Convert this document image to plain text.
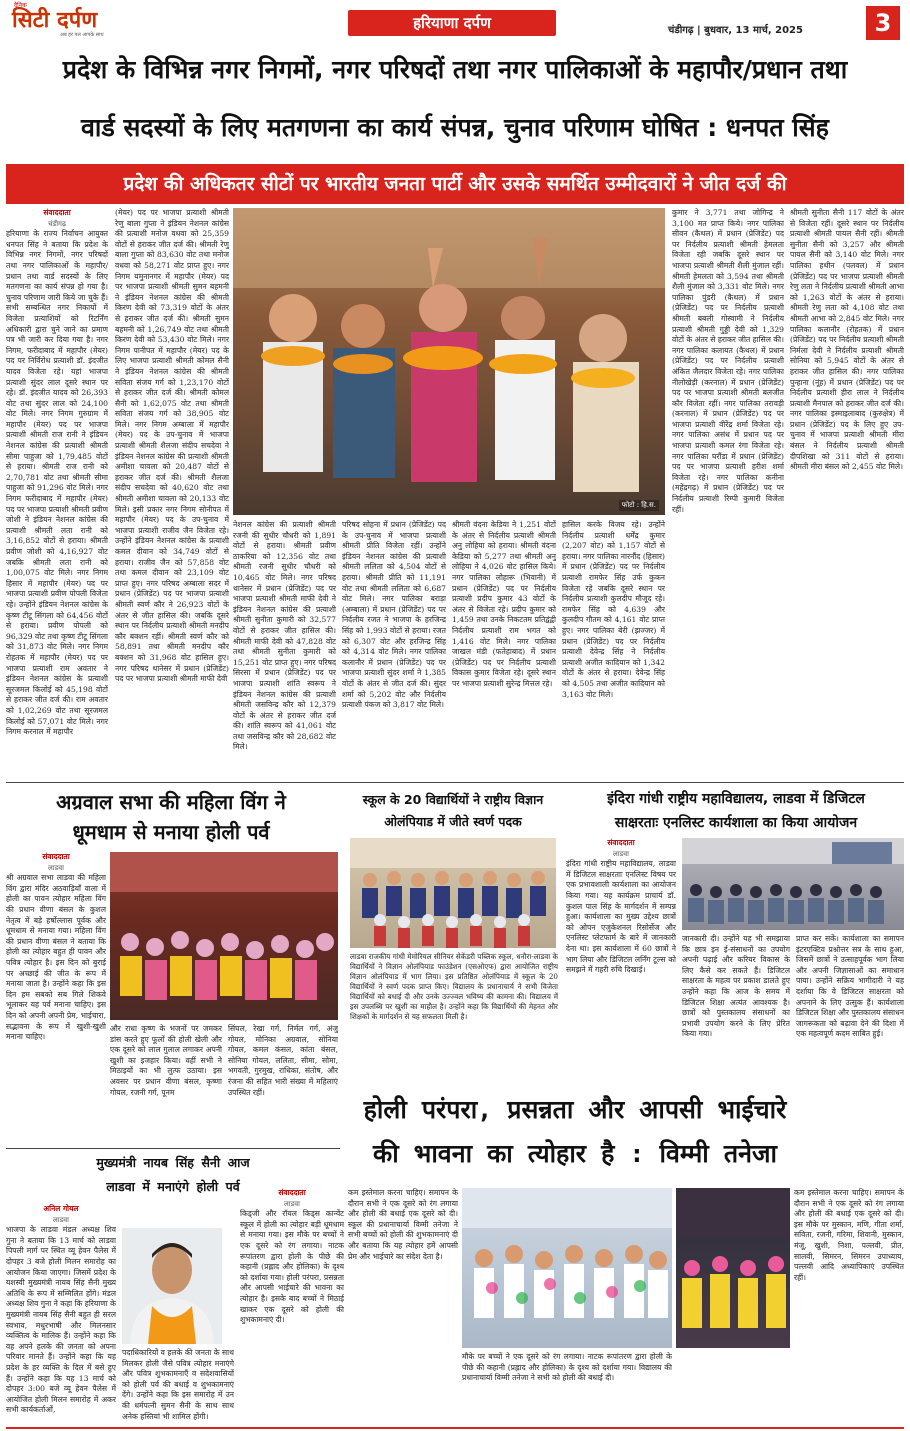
दैनिक
सिटी दर्पण
अब हर पल आपके साथ
हरियाणा दर्पण	चंडीगढ़ | बुधवार, 13 मार्च, 2025	3
प्रदेश के विभिन्न नगर निगमों, नगर परिषदों तथा नगर पालिकाओं के महापौर/प्रधान तथा
वार्ड सदस्यों के लिए मतगणना का कार्य संपन्न, चुनाव परिणाम घोषित : धनपत सिंह
प्रदेश की अधिकतर सीटों पर भारतीय जनता पार्टी और उसके समर्थित उम्मीदवारों ने जीत दर्ज की
संवाददाता
चंडीगढ़

हरियाणा के राज्य निर्वाचन आयुक्त धनपत सिंह ने बताया कि प्रदेश के विभिन्न नगर निगमों, नगर परिषदों तथा नगर पालिकाओं के महापौर/प्रधान तथा वार्ड सदस्यों के लिए मतगणना का कार्य संपन्न हो गया है। चुनाव परिणाम जारी किये जा चुके हैं। सभी सम्बन्धित नगर निकायों में विजेता प्रत्याशियों को रिटर्निंग अधिकारी द्वारा चुने जाने का प्रमाण पत्र भी जारी कर दिया गया है। नगर निगम, फरीदाबाद में महापौर (मेयर) पद पर निर्विरोध प्रत्याशी डॉ. इंदजीत यादव विजेता रहे। यहां भाजपा प्रत्याशी सुंदर लाल दूसरे स्थान पर रहे। डॉ. इंदजीत यादव को 26,393 वोट तथा सुंदर लाल को 24,100 वोट मिले। नगर निगम गुरुग्राम में महापौर (मेयर) पद पर भाजपा प्रत्याशी श्रीमती राज रानी ने इंडियन नेशनल कांग्रेस की प्रत्याशी श्रीमती सीमा पाहुजा को 1,79,485 वोटों से हराया। श्रीमती राज रानी को 2,70,781 वोट तथा श्रीमती सीमा पाहुजा को 91,296 वोट मिले। नगर निगम फरीदाबाद में महापौर (मेयर) पद पर भाजपा प्रत्याशी श्रीमती प्रवीण जोशी ने इंडियन नेशनल कांग्रेस की प्रत्याशी श्रीमती लता रानी को 3,16,852 वोटों से हराया। श्रीमती प्रवीण जोशी को 4,16,927 वोट जबकि श्रीमती लता रानी को 1,00,075 वोट मिले। नगर निगम हिसार में महापौर (मेयर) पद पर भाजपा प्रत्याशी प्रवीण पोपली विजेता रहे। उन्होंने इंडियन नेशनल कांग्रेस के कृष्ण टीटू सिंगला को 64,456 वोटों से हराया। प्रवीण पोपली को 96,329 वोट तथा कृष्ण टीटू सिंगला को 31,873 वोट मिले। नगर निगम रोहतक में महापौर (मेयर) पद पर भाजपा प्रत्याशी राम अवतार ने इंडियन नेशनल कांग्रेस के प्रत्याशी सूरजमल किलोई को 45,198 वोटों से हराकर जीत दर्ज की। राम अवतार को 1,02,269 वोट तथा सूरजमल किलोई को 57,071 वोट मिले। नगर निगम करनाल में महापौर

(मेयर) पद पर भाजपा प्रत्याशी श्रीमती रेणु बाला गुप्ता ने इंडियन नेशनल कांग्रेस की प्रत्याशी मनोज वधवा को 25,359 वोटों से हराकर जीत दर्ज की। श्रीमती रेणु बाला गुप्ता को 83,630 वोट तथा मनोज वधवा को 58,271 वोट प्राप्त हुए। नगर निगम यमुनानगर में महापौर (मेयर) पद पर भाजपा प्रत्याशी श्रीमती सुमन बहमनी ने इंडियन नेशनल कांग्रेस की श्रीमती किरण देवी को 73,319 वोटों के अंतर से हराकर जीत दर्ज की। श्रीमती सुमन बहमनी को 1,26,749 वोट तथा श्रीमती किरण देवी को 53,430 वोट मिले। नगर निगम पानीपत में महापौर (मेयर) पद के लिए भाजपा प्रत्याशी श्रीमती कोमल सैनी ने इंडियन नेशनल कांग्रेस की श्रीमती सविता संजय गर्ग को 1,23,170 वोटों से हराकर जीत दर्ज की। श्रीमती कोमल सैनी को 1,62,075 वोट तथा श्रीमती सविता संजय गर्ग को 38,905 वोट मिले। नगर निगम अम्बाला में महापौर (मेयर) पद के उप-चुनाव में भाजपा प्रत्याशी श्रीमती शैलजा संदीप सचदेवा ने इंडियन नेशनल कांग्रेस की प्रत्याशी श्रीमती अमीशा चावला को 20,487 वोटों से हराकर जीत दर्ज की। श्रीमती शैलजा संदीप सचदेवा को 40,620 वोट तथा श्रीमती अमीशा चावला को 20,133 वोट मिले। इसी प्रकार नगर निगम सोनीपत में महापौर (मेयर) पद के उप-चुनाव में भाजपा प्रत्याशी राजीव जैन विजेता रहे। उन्होंने इंडियन नेशनल कांग्रेस के प्रत्याशी कमल दीवान को 34,749 वोटों से हराया। राजीव जैन को 57,858 वोट तथा कमल दीवान को 23,109 वोट प्राप्त हुए। नगर परिषद अम्बाला सदर में प्रधान (प्रेजिडेंट) पद पर भाजपा प्रत्याशी श्रीमती स्वर्ण कौर ने 26,923 वोटों के अंतर से जीत हासिल की। जबकि दूसरे स्थान पर निर्दलीय प्रत्याशी श्रीमती मनदीप कौर बक्शन रहीं। श्रीमती स्वर्ण कौर को 58,891 तथा श्रीमती मनदीप कौर बक्शन को 31,968 वोट हासिल हुए। नगर परिषद थानेसर में प्रधान (प्रेजिडेंट) पद पर भाजपा प्रत्याशी श्रीमती माफी देवी

फोटो : हि.स.

नेशनल कांग्रेस की प्रत्याशी श्रीमती रजनी की सुधीर चौधरी को 1,891 वोटों से हराया। श्रीमती प्रवीण ठाकरिया को 12,356 वोट तथा श्रीमती रजनी सुधीर चौधरी को 10,465 वोट मिले। नगर परिषद थानेसर में प्रधान (प्रेजिडेंट) पद पर भाजपा प्रत्याशी श्रीमती माफी देवी ने इंडियन नेशनल कांग्रेस की प्रत्याशी श्रीमती सुनीता कुमारी को 32,577 वोटों से हराकर जीत हासिल की। श्रीमती माफी देवी को 47,828 वोट तथा श्रीमती सुनीता कुमारी को 15,251 वोट प्राप्त हुए। नगर परिषद सिरसा में प्रधान (प्रेजिडेंट) पद पर भाजपा प्रत्याशी शांति स्वरूप ने इंडियन नेशनल कांग्रेस की प्रत्याशी श्रीमती जसविन्द्र कौर को 12,379 वोटों के अंतर से हराकर जीत दर्ज की। शांति स्वरूप को 41,061 वोट तथा जसविन्द्र कौर को 28,682 वोट मिले।

परिषद सोहना में प्रधान (प्रेजिडेंट) पद के उप-चुनाव में भाजपा प्रत्याशी श्रीमती प्रीति विजेता रहीं। उन्होंने इंडियन नेशनल कांग्रेस की प्रत्याशी श्रीमती ललिता को 4,504 वोटों से हराया। श्रीमती प्रीति को 11,191 वोट तथा श्रीमती ललिता को 6,687 वोट मिले। नगर पालिका बराड़ा (अम्बाला) में प्रधान (प्रेजिडेंट) पद पर निर्दलीय रजत ने भाजपा के हरजिन्द्र सिंह को 1,993 वोटों से हराया। रजत को 6,307 वोट और हरजिन्द्र सिंह को 4,314 वोट मिले। नगर पालिका कलानौर में प्रधान (प्रेजिडेंट) पद पर भाजपा प्रत्याशी सुंदर शर्मा ने 1,385 वोटों के अंतर से जीत दर्ज की। सुंदर शर्मा को 5,202 वोट और निर्दलीय प्रत्याशी पंकज को 3,817 वोट मिले।

श्रीमती वंदना केडिया ने 1,251 वोटों के अंतर से निर्दलीय प्रत्याशी श्रीमती अनु लोहिया को हराया। श्रीमती वंदना केडिया को 5,277 तथा श्रीमती अनु लोहिया ने 4,026 वोट हासिल किये। नगर पालिका लोहारू (भिवानी) में प्रधान (प्रेजिडेंट) पद पर निर्दलीय प्रत्याशी प्रदीप कुमार 43 वोटों के अंतर से विजेता रहे। प्रदीप कुमार को 1,459 तथा उनके निकटतम प्रतिद्वंद्वी निर्दलीय प्रत्याशी राम भगत को 1,416 वोट मिले। नगर पालिका जाखल मंडी (फतेहाबाद) में प्रधान (प्रेजिडेंट) पद पर निर्दलीय प्रत्याशी विकास कुमार विजेता रहे। दूसरे स्थान पर भाजपा प्रत्याशी सुरेन्द्र मित्तल रहे।

हासिल करके विजय रहे। उन्होंने निर्दलीय प्रत्याशी धर्मेंद्र कुमार (2,207 वोट) को 1,157 वोटों से हराया। नगर पालिका नारनौंद (हिसार) में प्रधान (प्रेजिडेंट) पद पर निर्दलीय प्रत्याशी रामफेर सिंह उर्फ कुकन विजेता रहे जबकि दूसरे स्थान पर निर्दलीय प्रत्याशी कुलदीप मौजूद रहे। रामफेर सिंह को 4,639 और कुलदीप गौतम को 4,161 वोट प्राप्त हुए। नगर पालिका बेरी (झज्जर) में प्रधान (प्रेजिडेंट) पद पर निर्दलीय प्रत्याशी देवेन्द्र सिंह ने निर्दलीय प्रत्याशी अजीत कादियान को 1,342 वोटों के अंतर से हराया। देवेन्द्र सिंह को 4,505 तथा अजीत कादियान को 3,163 वोट मिले।

कुमार ने 3,771 तथा जोगिन्द्र ने 3,100 मत प्राप्त किये। नगर पालिका सीवन (कैथल) में प्रधान (प्रेजिडेंट) पद पर निर्दलीय प्रत्याशी श्रीमती हेमलता विजेता रही जबकि दूसरे स्थान पर भाजपा प्रत्याशी श्रीमती शैली मुंजाल रहीं। श्रीमती हेमलता को 3,594 तथा श्रीमती शैली मुंजाल को 3,331 वोट मिले। नगर पालिका पुंडरी (कैथल) में प्रधान (प्रेजिडेंट) पद पर निर्दलीय प्रत्याशी श्रीमती बबली गोस्वामी ने निर्दलीय प्रत्याशी श्रीमती गुड्डी देवी को 1,329 वोटों के अंतर से हराकर जीत हासिल की। नगर पालिका कलायत (कैथल) में प्रधान (प्रेजिडेंट) पद पर निर्दलीय प्रत्याशी अंकित जैलदार विजेता रहे। नगर पालिका नीलोखेड़ी (करनाल) में प्रधान (प्रेजिडेंट) पद पर भाजपा प्रत्याशी श्रीमती बलजीत कौर विजेता रहीं। नगर पालिका तरावड़ी (करनाल) में प्रधान (प्रेजिडेंट) पद पर भाजपा प्रत्याशी वीरेंद्र शर्मा विजेता रहे। नगर पालिका असंध में प्रधान पद पर भाजपा प्रत्याशी कमल रंगा विजेता रहे। नगर पालिका घरौंडा में प्रधान (प्रेजिडेंट) पद पर भाजपा प्रत्याशी हरीश शर्मा विजेता रहे। नगर पालिका कनीना (महेंद्रगढ़) में प्रधान (प्रेजिडेंट) पद पर निर्दलीय प्रत्याशी रिम्पी कुमारी विजेता रहीं।

श्रीमती सुनीता सैनी 117 वोटों के अंतर से विजेता रहीं। दूसरे स्थान पर निर्दलीय प्रत्याशी श्रीमती पायल सैनी रहीं। श्रीमती सुनीता सैनी को 3,257 और श्रीमती पायल सैनी को 3,140 वोट मिले। नगर पालिका हथीन (पलवल) में प्रधान (प्रेजिडेंट) पद पर भाजपा प्रत्याशी श्रीमती रेणु लता ने निर्दलीय प्रत्याशी श्रीमती आभा को 1,263 वोटों के अंतर से हराया। श्रीमती रेणु लता को 4,108 वोट तथा श्रीमती आभा को 2,845 वोट मिले। नगर पालिका कलानौर (रोहतक) में प्रधान (प्रेजिडेंट) पद पर निर्दलीय प्रत्याशी श्रीमती निर्मला देवी ने निर्दलीय प्रत्याशी श्रीमती सोनिया को 5,945 वोटों के अंतर से हराकर जीत हासिल की। नगर पालिका पुन्हाना (नूंह) में प्रधान (प्रेजिडेंट) पद पर निर्दलीय प्रत्याशी हीरा लाल ने निर्दलीय प्रत्याशी मैनपाल को हराकर जीत दर्ज की। नगर पालिका इस्माइलाबाद (कुरुक्षेत्र) में प्रधान (प्रेजिडेंट) पद के लिए हुए उप-चुनाव में भाजपा प्रत्याशी श्रीमती मीरा बंसल ने निर्दलीय प्रत्याशी श्रीमती दीपशिखा को 311 वोटों से हराया। श्रीमती मीरा बंसल को 2,455 वोट मिले।

अग्रवाल सभा की महिला विंग ने
धूमधाम से मनाया होली पर्व
संवाददाता
लाडवा

श्री अग्रवाल सभा लाडवा की महिला विंग द्वारा मंदिर अठवाड़ियाँ वाला में होली का पावन त्योहार महिला विंग की प्रधान वीणा बंसल के कुशल नेतृत्व में बड़े हर्षोल्लास पूर्वक और धूमधाम से मनाया गया। महिला विंग की प्रधान वीणा बंसल ने बताया कि होली का त्योहार बहुत ही पावन और पवित्र त्योहार है। इस दिन को बुराई पर अच्छाई की जीत के रूप में मनाया जाता है। उन्होंने कहा कि इस दिन हम सबको सब गिले शिकवे भूलाकर यह पर्व मनाना चाहिए। इस दिन को अपनी अपनी प्रेम, भाईचारा, सद्भावना के रूप में खुशी-खुशी मनाना चाहिए।

और राधा कृष्ण के भजनों पर जमकर डांस करते हुए फूलों की होली खेली और एक दूसरे को लाल गुलाल लगाकर अपनी खुशी का इजहार किया। वहीं सभी ने मिठाइयों का भी लुत्फ उठाया। इस अवसर पर प्रधान वीणा बंसल, कृष्णा गोयल, रजनी गर्ग, पूनम

सिंघल, रेखा गर्ग, निर्मल गर्ग, अंजु गोयल, मोनिका अग्रवाल, सोनिया गोयल, कमल कंसल, कांता बंसल, सोनिया गोयल, ललिता, सीमा, सोमा, भगवती, गुरमुख, राधिका, संतोष, और रंजना की सहित भारी संख्या में महिलाएं उपस्थित रहीं।

स्कूल के 20 विद्यार्थियों ने राष्ट्रीय विज्ञान
ओलंपियाड में जीते स्वर्ण पदक

लाडवा राजकीय गांधी मेमोरियल सीनियर सेकेंडरी पब्लिक स्कूल, धनौरा-लाडवा के विद्यार्थियों ने विज्ञान ओलंपियाड फाउंडेशन (एसओएफ) द्वारा आयोजित राष्ट्रीय विज्ञान ओलंपियाड में भाग लिया। इस प्रतिष्ठित ओलंपियाड में स्कूल के 20 विद्यार्थियों ने स्वर्ण पदक प्राप्त किए। विद्यालय के प्रधानाचार्य ने सभी विजेता विद्यार्थियों को बधाई दी और उनके उज्ज्वल भविष्य की कामना की। विद्यालय में इस उपलब्धि पर खुशी का माहौल है। उन्होंने कहा कि विद्यार्थियों की मेहनत और शिक्षकों के मार्गदर्शन से यह सफलता मिली है।

इंदिरा गांधी राष्ट्रीय महाविद्यालय, लाडवा में डिजिटल
साक्षरताः एनलिस्ट कार्यशाला का किया आयोजन
संवाददाता
लाडवा

इंदिरा गांधी राष्ट्रीय महाविद्यालय, लाडवा में डिजिटल साक्षरताः एनलिस्ट विषय पर एक प्रभावशाली कार्यशाला का आयोजन किया गया। यह कार्यक्रम प्राचार्य डॉ. कुशल पाल सिंह के मार्गदर्शन में सम्पन्न हुआ। कार्यशाला का मुख्य उद्देश्य छात्रों को ओपन एजुकेशनल रिसोर्सेज और एनलिस्ट प्लेटफार्म के बारे में जानकारी देना था। इस कार्यशाला में 60 छात्रों ने भाग लिया और डिजिटल लर्निंग टूल्स को समझने में गहरी रुचि दिखाई।

जानकारी दी। उन्होंने यह भी समझाया कि छात्र इन ई-संसाधनों का उपयोग अपनी पढ़ाई और करियर विकास के लिए कैसे कर सकते हैं। डिजिटल साक्षरता के महत्व पर प्रकाश डालते हुए उन्होंने कहा कि आज के समय में डिजिटल शिक्षा अत्यंत आवश्यक है। छात्रों को पुस्तकालय संसाधनों का प्रभावी उपयोग करने के लिए प्रेरित किया गया।

प्राप्त कर सकें। कार्यशाला का समापन इंटरएक्टिव प्रश्नोत्तर सत्र के साथ हुआ, जिसमें छात्रों ने उत्साहपूर्वक भाग लिया और अपनी जिज्ञासाओं का समाधान पाया। उन्होंने सक्रिय भागीदारी ने यह दर्शाया कि वे डिजिटल साक्षरता को अपनाने के लिए उत्सुक हैं। कार्यशाला डिजिटल शिक्षा और पुस्तकालय संसाधन जागरूकता को बढ़ावा देने की दिशा में एक महत्वपूर्ण कदम साबित हुई।

मुख्यमंत्री नायब सिंह सैनी आज
लाडवा में मनाएंगे होली पर्व
अनिल गोयल
लाडवा

भाजपा के लाडवा मंडल अध्यक्ष शिव गुना ने बताया कि 13 मार्च को लाडवा पिपली मार्ग पर स्थित व्यू हेवन पैलेस में दोपहर 3 बजे होली मिलन समारोह का आयोजन किया जाएगा। जिसमें प्रदेश के यशस्वी मुख्यमंत्री नायब सिंह सैनी मुख्य अतिथि के रूप में सम्मिलित होंगे। मंडल अध्यक्ष शिव गुना ने कहा कि हरियाणा के मुख्यमंत्री नायब सिंह सैनी बहुत ही सरल स्वभाव, मधुरभाषी और मिलनसार व्यक्तित्व के मालिक हैं। उन्होंने कहा कि वह अपने हलके की जनता को अपना परिवार मानते हैं। उन्होंने कहा कि यह प्रदेश के हर व्यक्ति के दिल में बसे हुए हैं। उन्होंने कहा कि यह 13 मार्च को दोपहर 3:00 बजे व्यू हेवन पैलेस में आयोजित होली मिलन समारोह में अकर सभी कार्यकर्ताओं,

पदाधिकारियों व हलके की जनता के साथ मिलकर होली जैसे पवित्र त्योहार मनाएंगे और पवित्र शुभकामनाएँ व सदेशवासियों को होली पर्व की बधाई व शुभकामनाएं देंगे। उन्होंने कहा कि इस समारोह में उन की धर्मपत्नी सुमन सैनी के साथ साथ अनेक हस्तियां भी शामिल होंगी।

होली परंपरा, प्रसन्नता और आपसी भाईचारे
की भावना का त्योहार है : विम्मी तनेजा
संवाददाता
लाडवा

किड्जी और रॉयल किड्स कान्वेंट स्कूल में होली का त्योहार बड़ी धूमधाम से मनाया गया। इस मौके पर बच्चों ने एक दूसरे को रंग लगाया। नाटक रूपांतरण द्वारा होली के पीछे की कहानी (प्रह्लाद और होलिका) के दृश्य को दर्शाया गया। होली परंपरा, प्रसन्नता और आपसी भाईचारे की भावना का त्योहार है। इसके बाद बच्चों ने मिठाई खाकर एक दूसरे को होली की शुभकामनाएं दी।

कम इस्तेमाल करना चाहिए। समापन के दौरान सभी ने एक दूसरे को रंग लगाया और होली की बधाई एक दूसरे को दी। स्कूल की प्रधानाचार्या विम्मी तनेजा ने सभी बच्चों को होली की शुभकामनाएं दी और बताया कि यह त्योहार हमें आपसी प्रेम और भाईचारे का संदेश देता है।

मौके पर बच्चों ने एक दूसरे को रंग लगाया। नाटक रूपांतरण द्वारा होली के पीछे की कहानी (प्रह्लाद और होलिका) के दृश्य को दर्शाया गया। विद्यालय की प्रधानाचार्या विम्मी तनेजा ने सभी को होली की बधाई दी।

कम इस्तेमाल करना चाहिए। समापन के दौरान सभी ने एक दूसरे को रंग लगाया और होली की बधाई एक दूसरे को दी। इस मौके पर मुस्कान, मणि, गीता शर्मा, सविता, रजनी, गरिमा, शिवानी, मुस्कान, मंजू, खुशी, निशा, पल्लवी, प्रीत, सालवी, सिमरन, सिमरन उपाध्याय, पल्लवी आदि अध्यापिकाएं उपस्थित रहीं।
